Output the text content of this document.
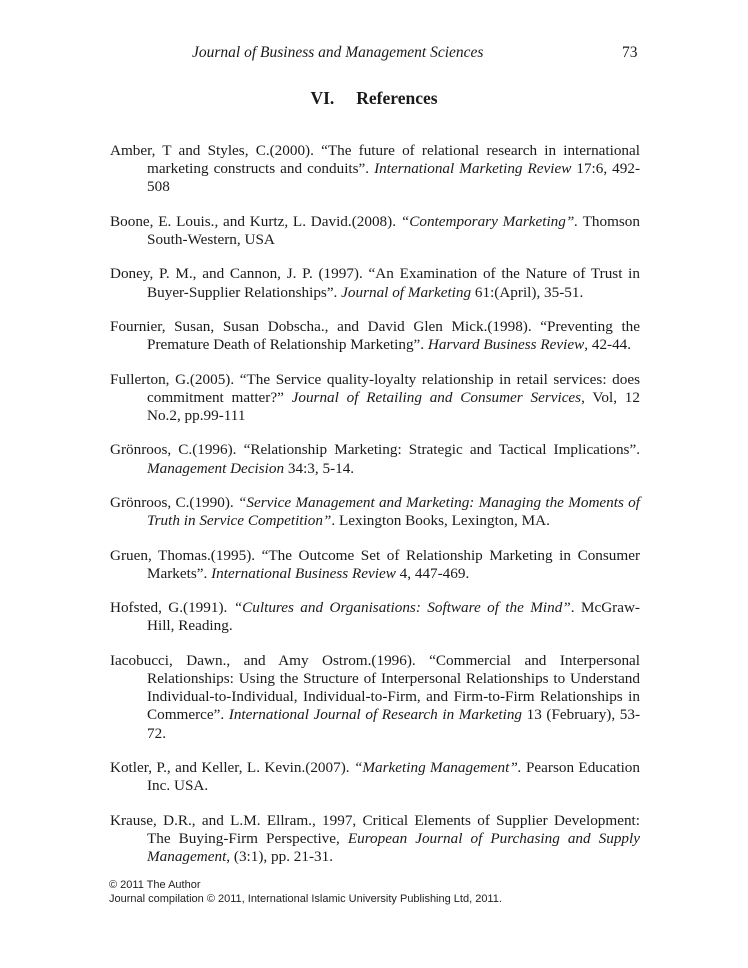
Journal of Business and Management Sciences	73
VI. References

Amber, T and Styles, C.(2000). “The future of relational research in international marketing constructs and conduits”. International Marketing Review 17:6, 492-508

Boone, E. Louis., and Kurtz, L. David.(2008). “Contemporary Marketing”. Thomson South-Western, USA

Doney, P. M., and Cannon, J. P. (1997). “An Examination of the Nature of Trust in Buyer-Supplier Relationships”. Journal of Marketing 61:(April), 35-51.

Fournier, Susan, Susan Dobscha., and David Glen Mick.(1998). “Preventing the Premature Death of Relationship Marketing”. Harvard Business Review, 42-44.

Fullerton, G.(2005). “The Service quality-loyalty relationship in retail services: does commitment matter?” Journal of Retailing and Consumer Services, Vol, 12 No.2, pp.99-111

Grönroos, C.(1996). “Relationship Marketing: Strategic and Tactical Implications”. Management Decision 34:3, 5-14.

Grönroos, C.(1990). “Service Management and Marketing: Managing the Moments of Truth in Service Competition”. Lexington Books, Lexington, MA.

Gruen, Thomas.(1995). “The Outcome Set of Relationship Marketing in Consumer Markets”. International Business Review 4, 447-469.

Hofsted, G.(1991). “Cultures and Organisations: Software of the Mind”. McGraw-Hill, Reading.

Iacobucci, Dawn., and Amy Ostrom.(1996). “Commercial and Interpersonal Relationships: Using the Structure of Interpersonal Relationships to Understand Individual-to-Individual, Individual-to-Firm, and Firm-to-Firm Relationships in Commerce”. International Journal of Research in Marketing 13 (February), 53-72.

Kotler, P., and Keller, L. Kevin.(2007). “Marketing Management”. Pearson Education Inc. USA.

Krause, D.R., and L.M. Ellram., 1997, Critical Elements of Supplier Development: The Buying-Firm Perspective, European Journal of Purchasing and Supply Management, (3:1), pp. 21-31.

© 2011 The Author
Journal compilation © 2011, International Islamic University Publishing Ltd, 2011.
